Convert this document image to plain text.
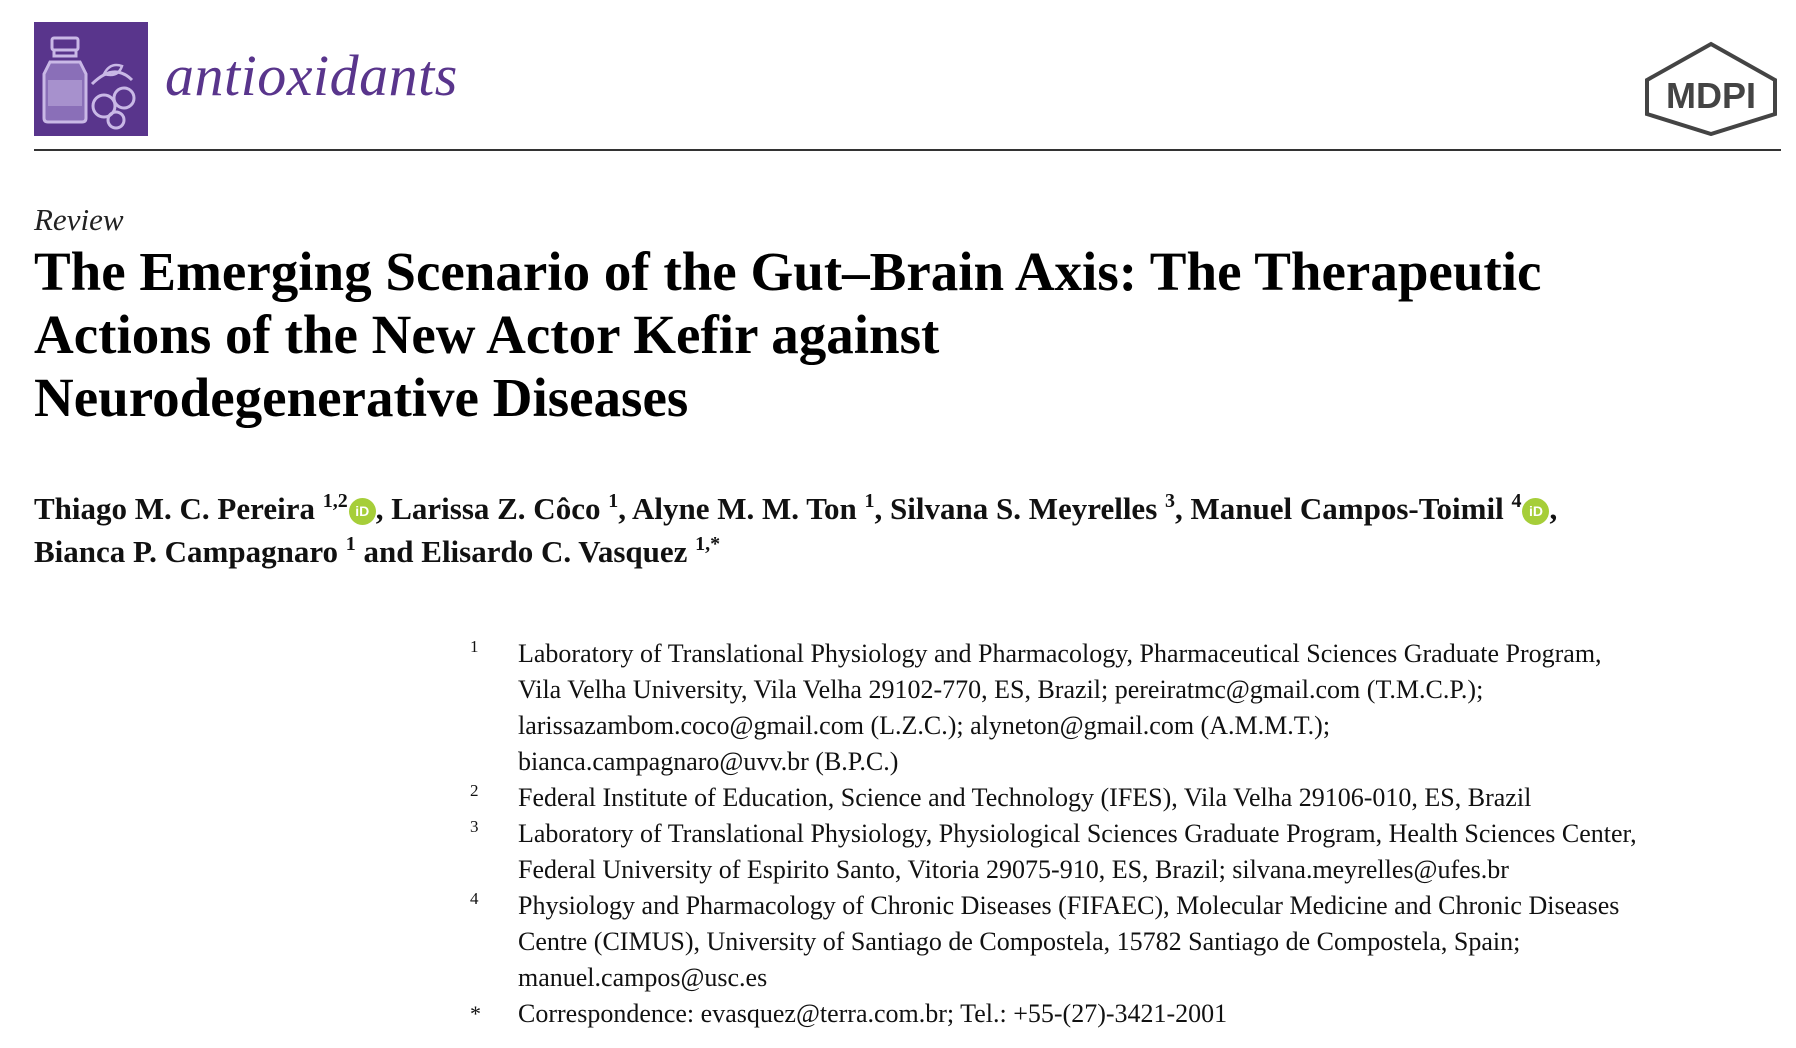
antioxidants	MDPI
Review
The Emerging Scenario of the Gut–Brain Axis: The Therapeutic
Actions of the New Actor Kefir against
Neurodegenerative Diseases
Thiago M. C. Pereira $^{1,2}$ iD , Larissa Z. Côco $^1$, Alyne M. M. Ton $^1$, Silvana S. Meyrelles $^3$, Manuel Campos-Toimil $^4$ iD ,
Bianca P. Campagnaro $^1$ and Elisardo C. Vasquez $^{1,*}$
1	Laboratory of Translational Physiology and Pharmacology, Pharmaceutical Sciences Graduate Program,
Vila Velha University, Vila Velha 29102-770, ES, Brazil; pereiratmc@gmail.com (T.M.C.P.);
larissazambom.coco@gmail.com (L.Z.C.); alyneton@gmail.com (A.M.M.T.);
bianca.campagnaro@uvv.br (B.P.C.)
2	Federal Institute of Education, Science and Technology (IFES), Vila Velha 29106-010, ES, Brazil
3	Laboratory of Translational Physiology, Physiological Sciences Graduate Program, Health Sciences Center,
Federal University of Espirito Santo, Vitoria 29075-910, ES, Brazil; silvana.meyrelles@ufes.br
4	Physiology and Pharmacology of Chronic Diseases (FIFAEC), Molecular Medicine and Chronic Diseases
Centre (CIMUS), University of Santiago de Compostela, 15782 Santiago de Compostela, Spain;
manuel.campos@usc.es
*	Correspondence: evasquez@terra.com.br; Tel.: +55-(27)-3421-2001
